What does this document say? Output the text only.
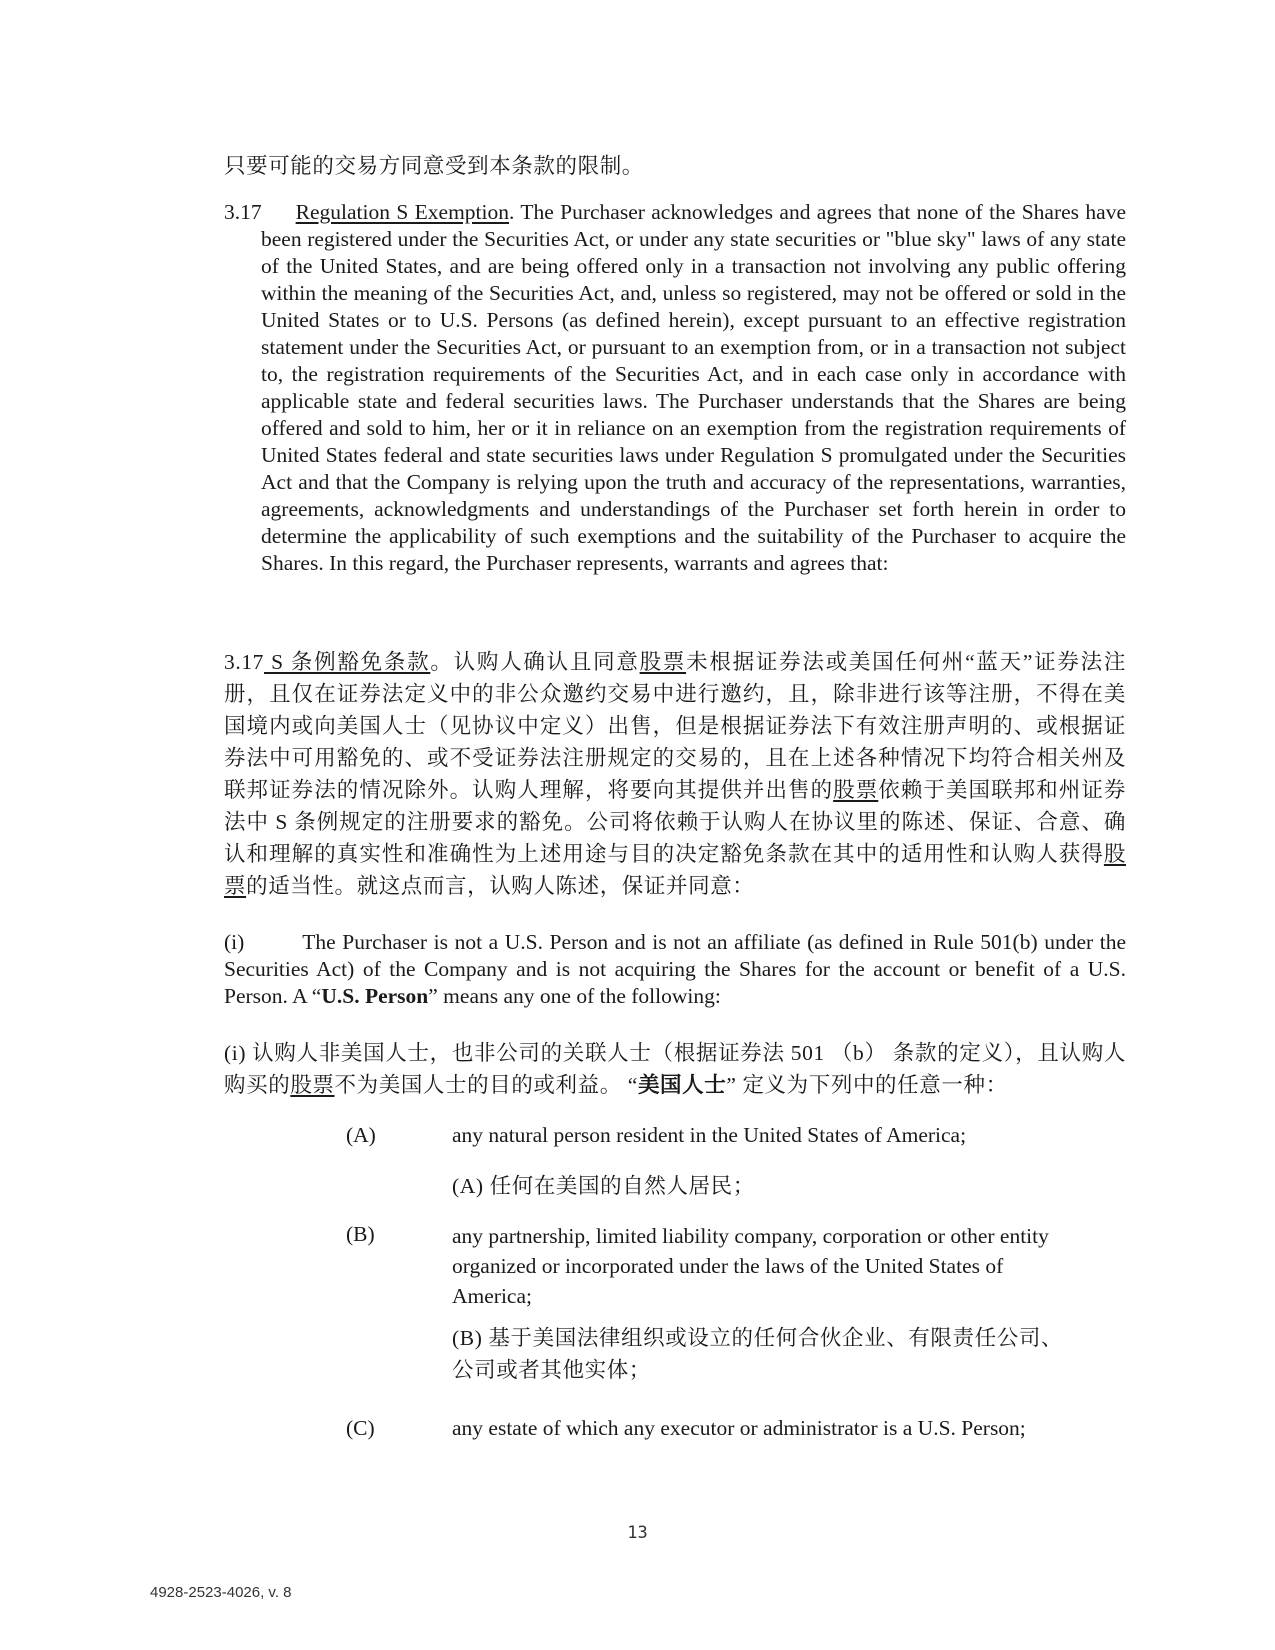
只要可能的交易方同意受到本条款的限制。
3.17 Regulation S Exemption. The Purchaser acknowledges and agrees that none of the Shares have been registered under the Securities Act, or under any state securities or "blue sky" laws of any state of the United States, and are being offered only in a transaction not involving any public offering within the meaning of the Securities Act, and, unless so registered, may not be offered or sold in the United States or to U.S. Persons (as defined herein), except pursuant to an effective registration statement under the Securities Act, or pursuant to an exemption from, or in a transaction not subject to, the registration requirements of the Securities Act, and in each case only in accordance with applicable state and federal securities laws. The Purchaser understands that the Shares are being offered and sold to him, her or it in reliance on an exemption from the registration requirements of United States federal and state securities laws under Regulation S promulgated under the Securities Act and that the Company is relying upon the truth and accuracy of the representations, warranties, agreements, acknowledgments and understandings of the Purchaser set forth herein in order to determine the applicability of such exemptions and the suitability of the Purchaser to acquire the Shares. In this regard, the Purchaser represents, warrants and agrees that:
3.17 S 条例豁免条款。认购人确认且同意股票未根据证券法或美国任何州“蓝天”证券法注册，且仅在证券法定义中的非公众邀约交易中进行邀约，且，除非进行该等注册，不得在美国境内或向美国人士（见协议中定义）出售，但是根据证券法下有效注册声明的、或根据证券法中可用豁免的、或不受证券法注册规定的交易的，且在上述各种情况下均符合相关州及联邦证券法的情况除外。认购人理解，将要向其提供并出售的股票依赖于美国联邦和州证券法中 S 条例规定的注册要求的豁免。公司将依赖于认购人在协议里的陈述、保证、合意、确认和理解的真实性和准确性为上述用途与目的决定豁免条款在其中的适用性和认购人获得股票的适当性。就这点而言，认购人陈述，保证并同意：
(i)	The Purchaser is not a U.S. Person and is not an affiliate (as defined in Rule 501(b) under the Securities Act) of the Company and is not acquiring the Shares for the account or benefit of a U.S. Person. A “U.S. Person” means any one of the following:
(i) 认购人非美国人士，也非公司的关联人士（根据证券法 501 （b） 条款的定义），且认购人购买的股票不为美国人士的目的或利益。 “美国人士” 定义为下列中的任意一种：
(A)	any natural person resident in the United States of America;
(A) 任何在美国的自然人居民；
(B)	any partnership, limited liability company, corporation or other entity organized or incorporated under the laws of the United States of America;
(B) 基于美国法律组织或设立的任何合伙企业、有限责任公司、公司或者其他实体；
(C)	any estate of which any executor or administrator is a U.S. Person;
13
4928-2523-4026, v. 8
